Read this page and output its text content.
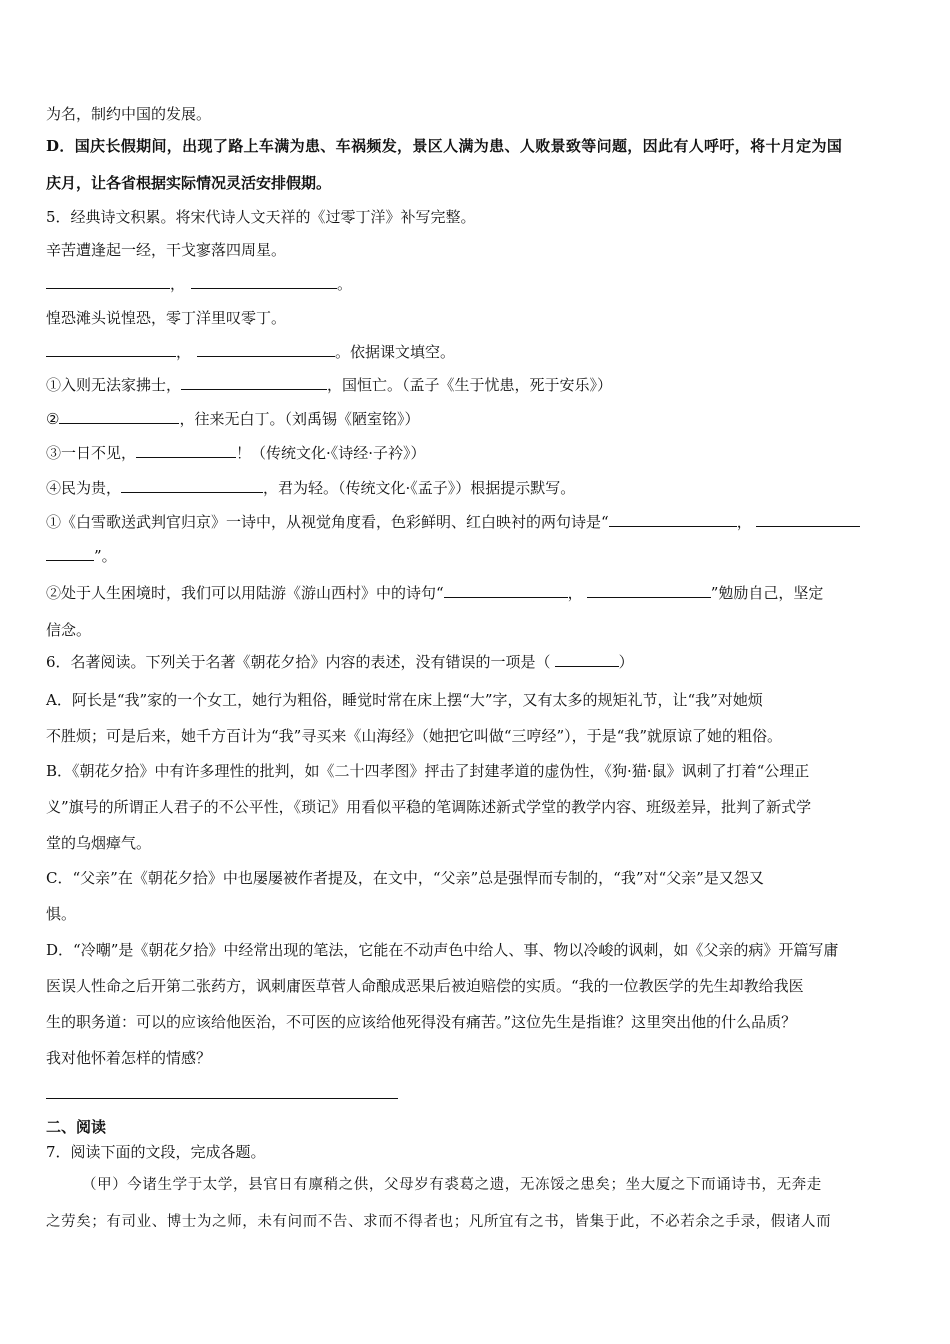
为名，制约中国的发展。
D．国庆长假期间，出现了路上车满为患、车祸频发，景区人满为患、人败景致等问题，因此有人呼吁，将十月定为国
庆月，让各省根据实际情况灵活安排假期。
5．经典诗文积累。将宋代诗人文天祥的《过零丁洋》补写完整。
辛苦遭逢起一经，干戈寥落四周星。
，	。
惶恐滩头说惶恐，零丁洋里叹零丁。
，	。依据课文填空。
①入则无法家拂士，	，国恒亡。（孟子《生于忧患，死于安乐》）
②	，往来无白丁。（刘禹锡《陋室铭》）
③一日不见，	！（传统文化·《诗经·子衿》）
④民为贵，	，君为轻。（传统文化·《孟子》）根据提示默写。
①《白雪歌送武判官归京》一诗中，从视觉角度看，色彩鲜明、红白映衬的两句诗是“	，
”。
②处于人生困境时，我们可以用陆游《游山西村》中的诗句“	，	”勉励自己，坚定
信念。
6．名著阅读。下列关于名著《朝花夕拾》内容的表述，没有错误的一项是（	）
A．阿长是“我”家的一个女工，她行为粗俗，睡觉时常在床上摆“大”字，又有太多的规矩礼节，让“我”对她烦
不胜烦；可是后来，她千方百计为“我”寻买来《山海经》（她把它叫做“三哼经”），于是“我”就原谅了她的粗俗。
B．《朝花夕拾》中有许多理性的批判，如《二十四孝图》抨击了封建孝道的虚伪性，《狗·猫·鼠》讽刺了打着“公理正
义”旗号的所谓正人君子的不公平性，《琐记》用看似平稳的笔调陈述新式学堂的教学内容、班级差异，批判了新式学
堂的乌烟瘴气。
C．“父亲”在《朝花夕拾》中也屡屡被作者提及，在文中，“父亲”总是强悍而专制的，“我”对“父亲”是又怨又
惧。
D．“冷嘲”是《朝花夕拾》中经常出现的笔法，它能在不动声色中给人、事、物以冷峻的讽刺，如《父亲的病》开篇写庸
医误人性命之后开第二张药方，讽刺庸医草菅人命酿成恶果后被迫赔偿的实质。“我的一位教医学的先生却教给我医
生的职务道：可以的应该给他医治，不可医的应该给他死得没有痛苦。”这位先生是指谁？这里突出他的什么品质？
我对他怀着怎样的情感？
二、阅读
7．阅读下面的文段，完成各题。
（甲）今诸生学于太学，县官日有廪稍之供，父母岁有裘葛之遗，无冻馁之患矣；坐大厦之下而诵诗书，无奔走
之劳矣；有司业、博士为之师，未有问而不告、求而不得者也；凡所宜有之书，皆集于此，不必若余之手录，假诸人而
